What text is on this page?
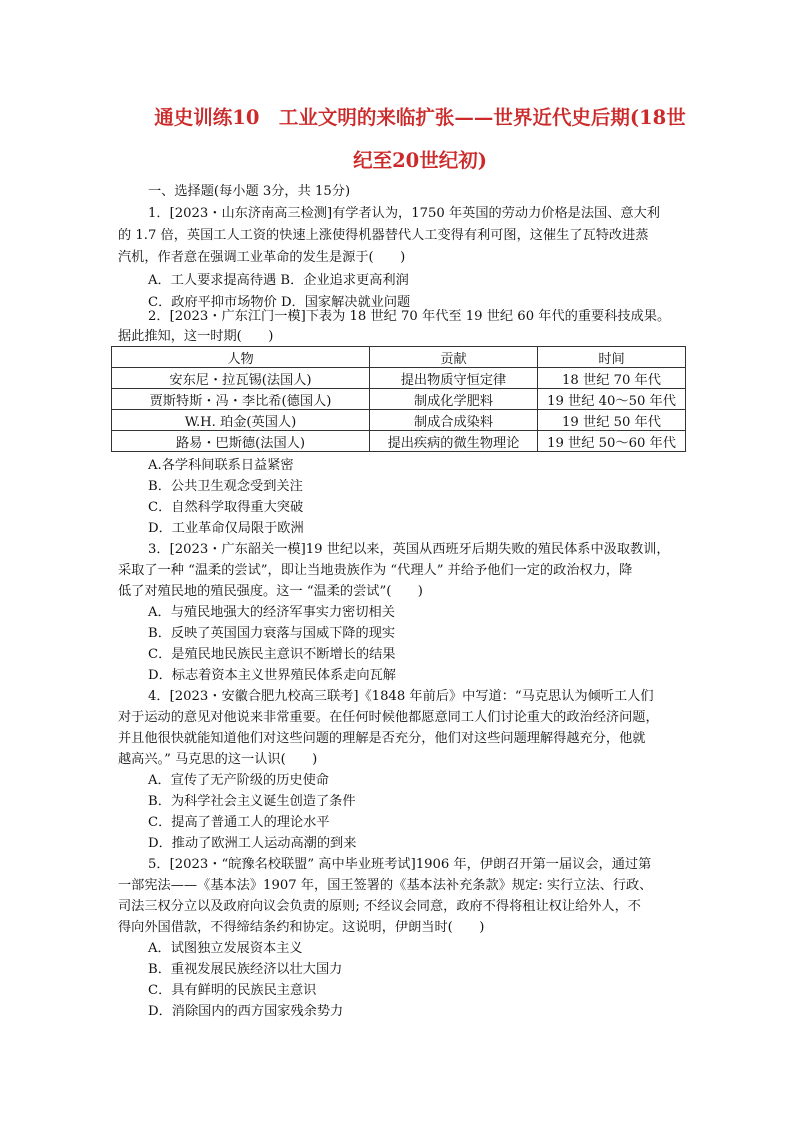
通史训练10　工业文明的来临扩张——世界近代史后期(18世
纪至20世纪初)
一、选择题(每小题 3分，共 15分)
1．[2023・山东济南高三检测]有学者认为，1750 年英国的劳动力价格是法国、意大利
的 1.7 倍，英国工人工资的快速上涨使得机器替代人工变得有利可图，这催生了瓦特改进蒸
汽机，作者意在强调工业革命的发生是源于(　　)
A．工人要求提高待遇 B．企业追求更高利润
C．政府平抑市场物价 D．国家解决就业问题
2．[2023・广东江门一模]下表为 18 世纪 70 年代至 19 世纪 60 年代的重要科技成果。
据此推知，这一时期(　　)
人物	贡献	时间
安东尼・拉瓦锡(法国人)	提出物质守恒定律	18 世纪 70 年代
贾斯特斯・冯・李比希(德国人)	制成化学肥料	19 世纪 40～50 年代
W.H. 珀金(英国人)	制成合成染料	19 世纪 50 年代
路易・巴斯德(法国人)	提出疾病的微生物理论	19 世纪 50～60 年代
A.各学科间联系日益紧密
B．公共卫生观念受到关注
C．自然科学取得重大突破
D．工业革命仅局限于欧洲
3．[2023・广东韶关一模]19 世纪以来，英国从西班牙后期失败的殖民体系中汲取教训，
采取了一种 “温柔的尝试”，即让当地贵族作为 “代理人” 并给予他们一定的政治权力，降
低了对殖民地的殖民强度。这一 “温柔的尝试”(　　)
A．与殖民地强大的经济军事实力密切相关
B．反映了英国国力衰落与国威下降的现实
C．是殖民地民族民主意识不断增长的结果
D．标志着资本主义世界殖民体系走向瓦解
4．[2023・安徽合肥九校高三联考]《1848 年前后》中写道：“马克思认为倾听工人们
对于运动的意见对他说来非常重要。在任何时候他都愿意同工人们讨论重大的政治经济问题，
并且他很快就能知道他们对这些问题的理解是否充分，他们对这些问题理解得越充分，他就
越高兴。” 马克思的这一认识(　　)
A．宣传了无产阶级的历史使命
B．为科学社会主义诞生创造了条件
C．提高了普通工人的理论水平
D．推动了欧洲工人运动高潮的到来
5．[2023・“皖豫名校联盟” 高中毕业班考试]1906 年，伊朗召开第一届议会，通过第
一部宪法——《基本法》1907 年，国王签署的《基本法补充条款》规定: 实行立法、行政、
司法三权分立以及政府向议会负责的原则; 不经议会同意，政府不得将租让权让给外人，不
得向外国借款，不得缔结条约和协定。这说明，伊朗当时(　　)
A．试图独立发展资本主义
B．重视发展民族经济以壮大国力
C．具有鲜明的民族民主意识
D．消除国内的西方国家残余势力
